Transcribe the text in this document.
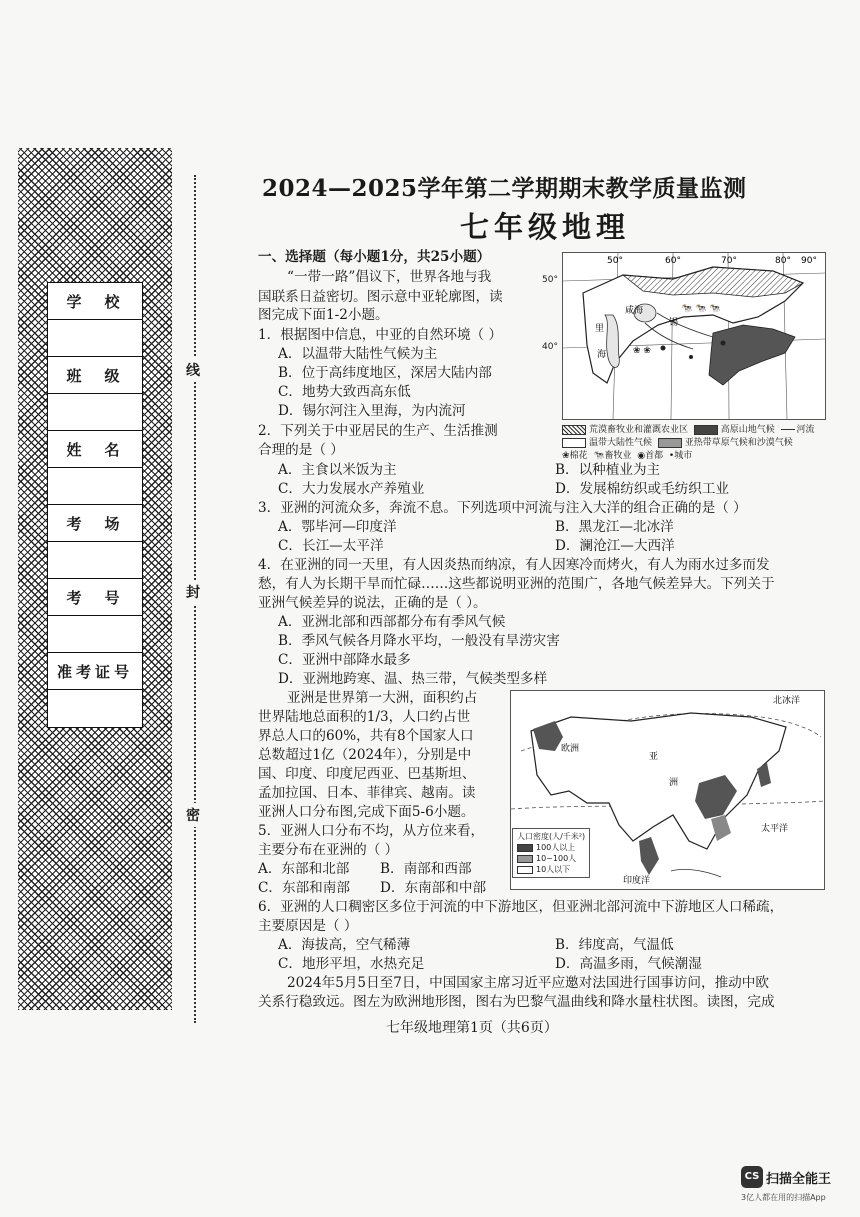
学　校
班　级
姓　名
考　场
考　号
准考证号
线
封
密
2024—2025学年第二学期期末教学质量监测
七年级地理
一、选择题（每小题1分，共25小题）
“一带一路”倡议下，世界各地与我
国联系日益密切。图示意中亚轮廓图，读
图完成下面1-2小题。
1．根据图中信息，中亚的自然环境（ ）
A．以温带大陆性气候为主
B．位于高纬度地区，深居大陆内部
C．地势大致西高东低
D．锡尔河注入里海，为内流河
2．下列关于中亚居民的生产、生活推测
合理的是（ ）
A．主食以米饭为主	B．以种植业为主
C．大力发展水产养殖业	D．发展棉纺织或毛纺织工业
🐄 🐄 🐄
❀ ❀
50°	60°	70°	80° 90°
咸海
里
海
锡
50°
40°
荒漠畜牧业和灌溉农业区	高原山地气候 河流
温带大陆性气候	亚热带草原气候和沙漠气候
❀棉花 🐄畜牧业 ◉首都 •城市
3．亚洲的河流众多，奔流不息。下列选项中河流与注入大洋的组合正确的是（ ）
A．鄂毕河—印度洋	B．黑龙江—北冰洋
C．长江—太平洋	D．澜沧江—大西洋
4．在亚洲的同一天里，有人因炎热而纳凉，有人因寒冷而烤火，有人为雨水过多而发
愁，有人为长期干旱而忙碌……这些都说明亚洲的范围广，各地气候差异大。下列关于
亚洲气候差异的说法，正确的是（ ）。
A．亚洲北部和西部都分布有季风气候
B．季风气候各月降水平均，一般没有旱涝灾害
C．亚洲中部降水最多
D．亚洲地跨寒、温、热三带，气候类型多样
亚洲是世界第一大洲，面积约占
世界陆地总面积的1/3，人口约占世
界总人口的60%，共有8个国家人口
总数超过1亿（2024年），分别是中
国、印度、印度尼西亚、巴基斯坦、
孟加拉国、日本、菲律宾、越南。读
亚洲人口分布图,完成下面5-6小题。
5．亚洲人口分布不均，从方位来看，
主要分布在亚洲的（ ）
A．东部和北部 B．南部和西部
C．东部和南部 D．东南部和中部
北冰洋
欧洲
亚
洲
太平洋
印度洋
人口密度(人/千米²)
100人以上
10~100人
10人以下
6．亚洲的人口稠密区多位于河流的中下游地区，但亚洲北部河流中下游地区人口稀疏，
主要原因是（ ）
A．海拔高，空气稀薄	B．纬度高，气温低
C．地形平坦，水热充足	D．高温多雨，气候潮湿
2024年5月5日至7日，中国国家主席习近平应邀对法国进行国事访问，推动中欧
关系行稳致远。图左为欧洲地形图，图右为巴黎气温曲线和降水量柱状图。读图，完成
七年级地理第1页（共6页）
CS 扫描全能王
3亿人都在用的扫描App
